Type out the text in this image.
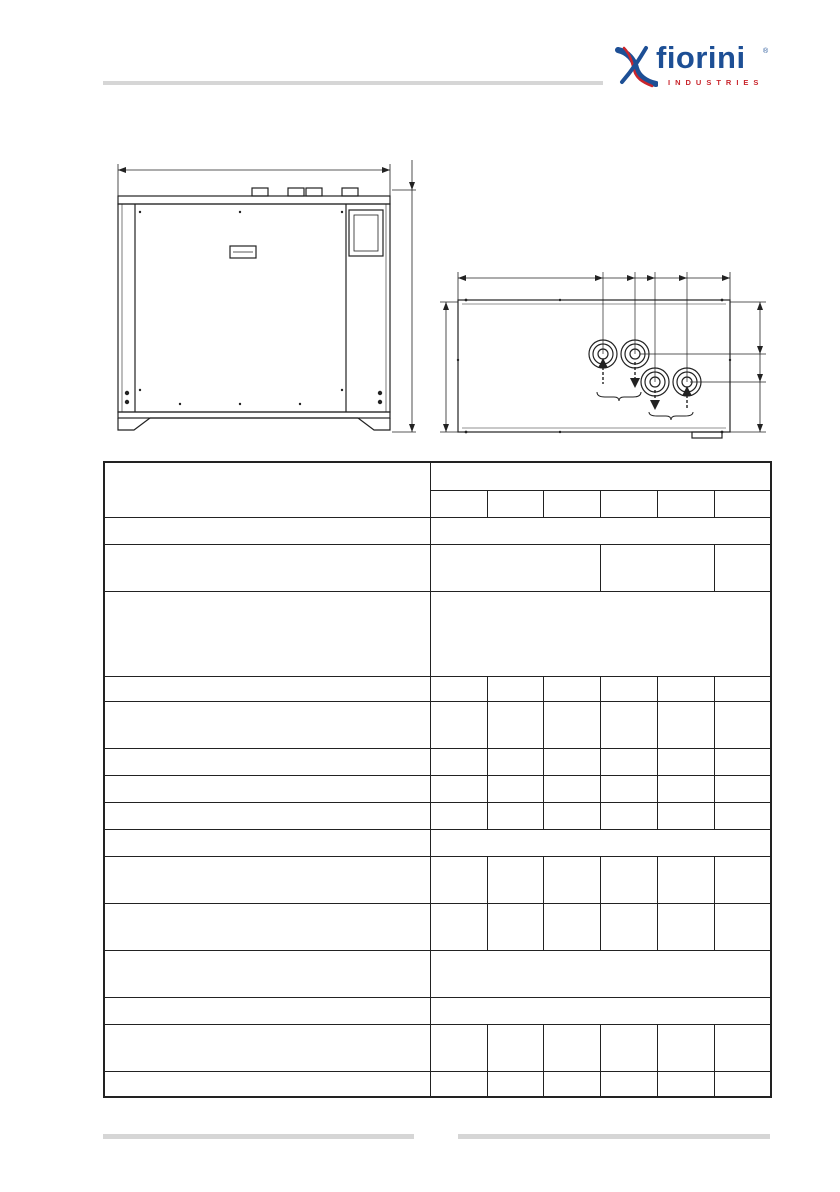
fiorini ®
INDUSTRIES
